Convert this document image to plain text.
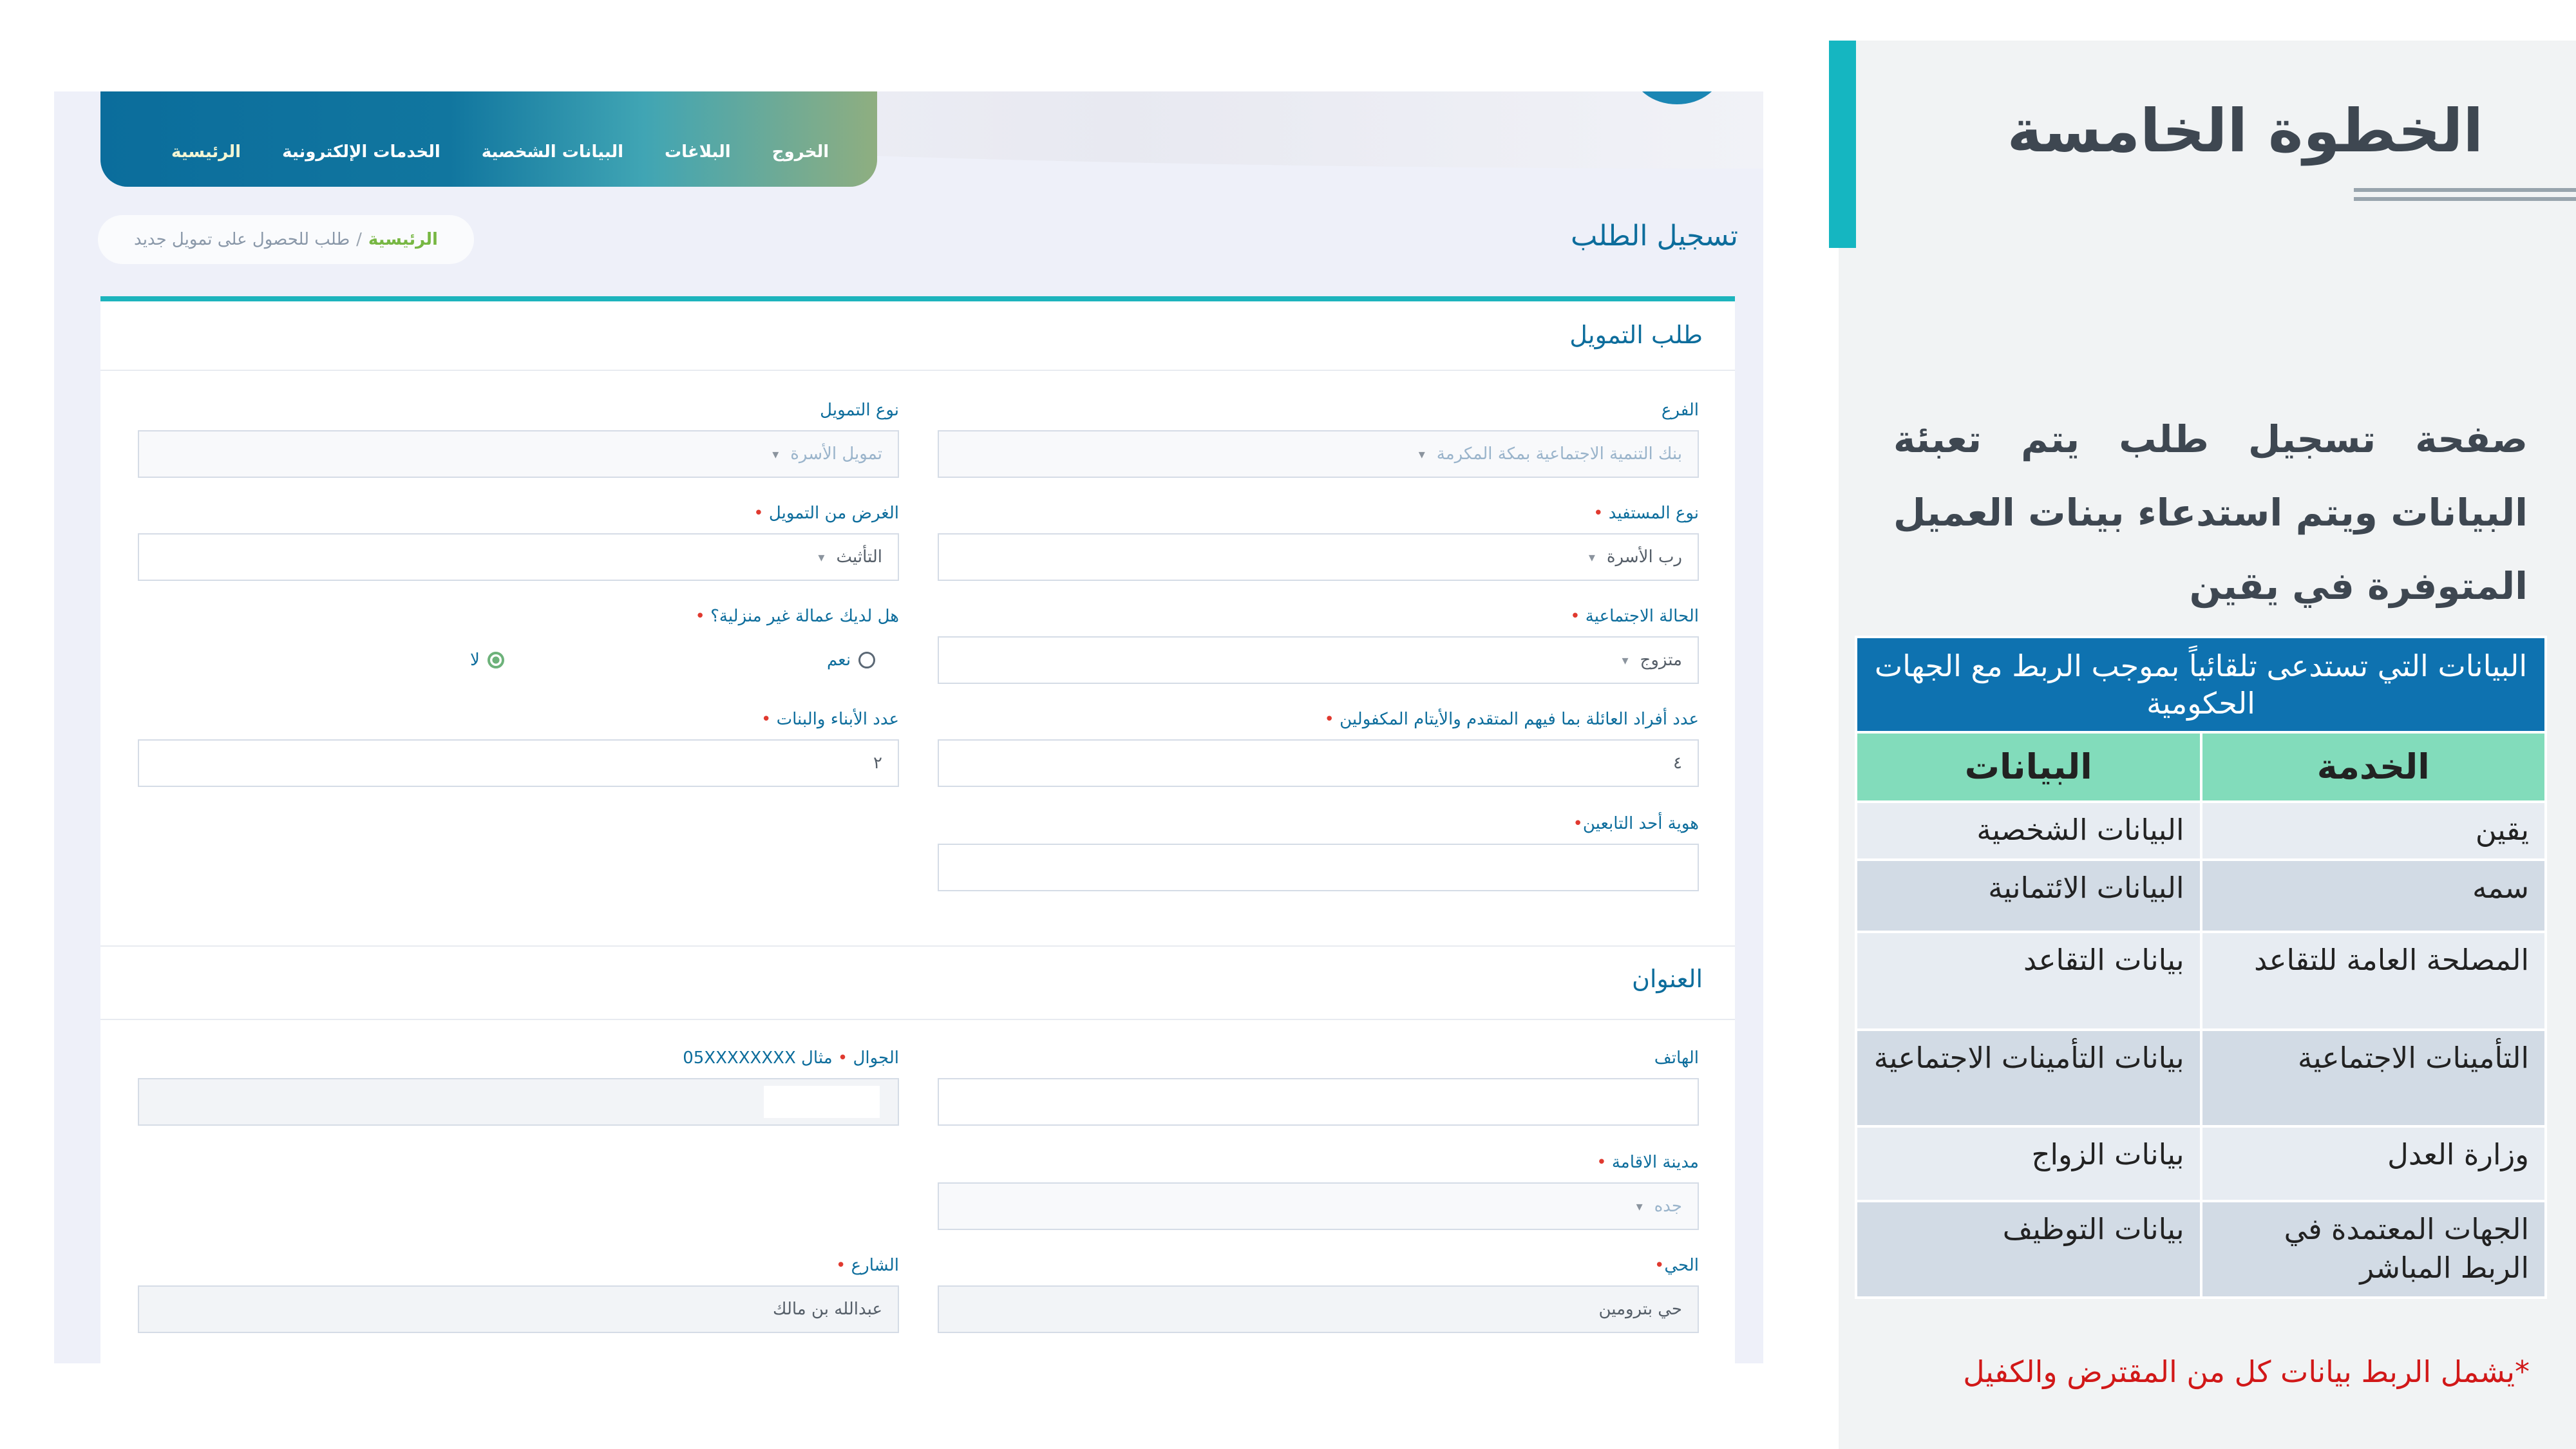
الخطوة الخامسة

صفحة تسجيل طلب يتم تعبئة البيانات ويتم استدعاء بينات العميل المتوفرة في يقين

البيانات التي تستدعى تلقائياً بموجب الربط مع الجهات الحكومية	
الخدمة	البيانات
يقين	البيانات الشخصية
سمه	البيانات الائتمانية
المصلحة العامة للتقاعد	بيانات التقاعد
التأمينات الاجتماعية	بيانات التأمينات الاجتماعية
وزارة العدل	بيانات الزواج
الجهات المعتمدة في الربط المباشر	بيانات التوظيف

*يشمل الربط بيانات كل من المقترض والكفيل

الرئيسية الخدمات الإلكترونية البيانات الشخصية البلاغات الخروج
تسجيل الطلب
الرئيسية
/
طلب للحصول على تمويل جديد
طلب التمويل
الفرع
بنك التنمية الاجتماعية بمكة المكرمة
▾
نوع التمويل
تمويل الأسرة
▾
نوع المستفيد •
رب الأسرة
▾
الغرض من التمويل •
التأثيث
▾
الحالة الاجتماعية •
متزوج
▾
هل لديك عمالة غير منزلية؟ •
نعم
لا
عدد أفراد العائلة بما فيهم المتقدم والأيتام المكفولين •
٤
عدد الأبناء والبنات •
٢
هوية أحد التابعين•
العنوان
الهاتف
الجوال • مثال 05XXXXXXXX
مدينة الاقامة •
جده
▾
الحي•
حي بترومين
الشارع •
عبدالله بن مالك
